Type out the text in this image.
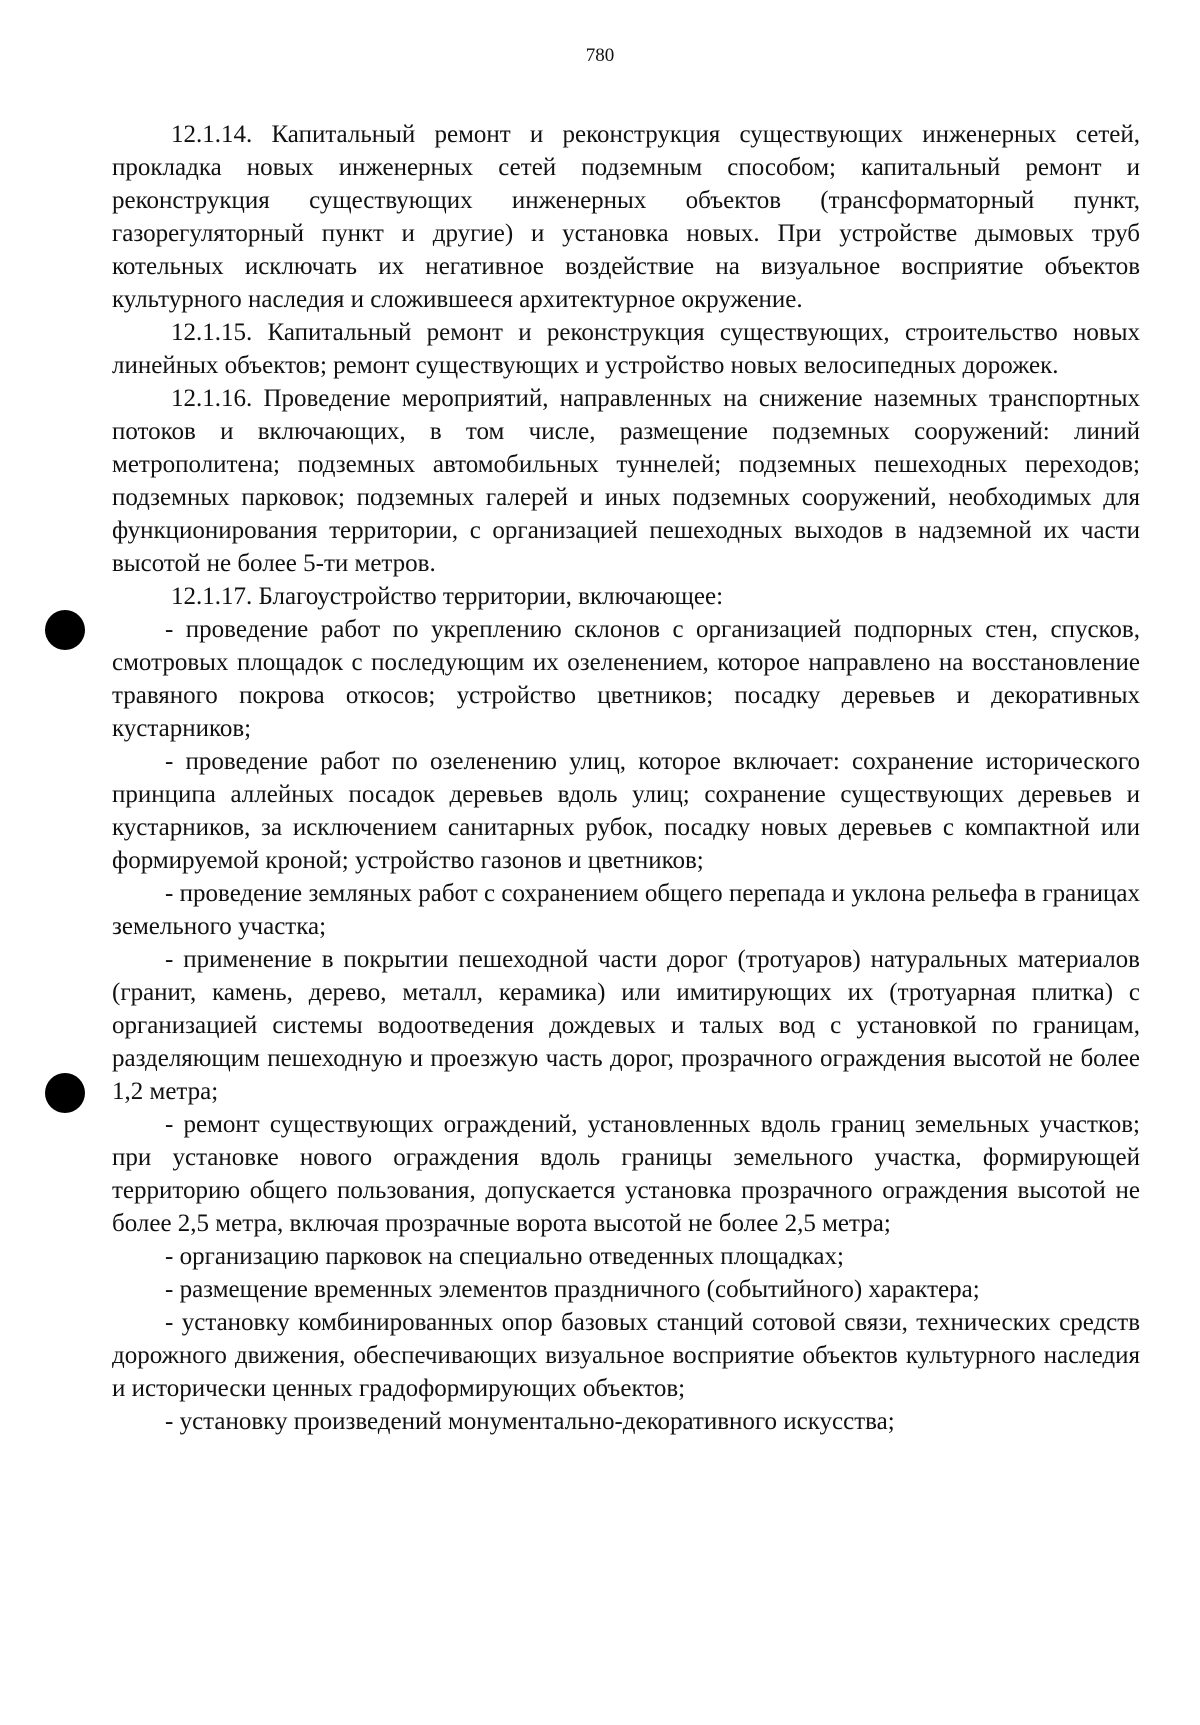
780

12.1.14. Капитальный ремонт и реконструкция существующих инженерных сетей, прокладка новых инженерных сетей подземным способом; капитальный ремонт и реконструкция существующих инженерных объектов (трансформаторный пункт, газорегуляторный пункт и другие) и установка новых. При устройстве дымовых труб котельных исключать их негативное воздействие на визуальное восприятие объектов культурного наследия и сложившееся архитектурное окружение.

12.1.15. Капитальный ремонт и реконструкция существующих, строительство новых линейных объектов; ремонт существующих и устройство новых велосипедных дорожек.

12.1.16. Проведение мероприятий, направленных на снижение наземных транспортных потоков и включающих, в том числе, размещение подземных сооружений: линий метрополитена; подземных автомобильных туннелей; подземных пешеходных переходов; подземных парковок; подземных галерей и иных подземных сооружений, необходимых для функционирования территории, с организацией пешеходных выходов в надземной их части высотой не более 5-ти метров.

12.1.17. Благоустройство территории, включающее:

- проведение работ по укреплению склонов с организацией подпорных стен, спусков, смотровых площадок с последующим их озеленением, которое направлено на восстановление травяного покрова откосов; устройство цветников; посадку деревьев и декоративных кустарников;

- проведение работ по озеленению улиц, которое включает: сохранение исторического принципа аллейных посадок деревьев вдоль улиц; сохранение существующих деревьев и кустарников, за исключением санитарных рубок, посадку новых деревьев с компактной или формируемой кроной; устройство газонов и цветников;

- проведение земляных работ с сохранением общего перепада и уклона рельефа в границах земельного участка;

- применение в покрытии пешеходной части дорог (тротуаров) натуральных материалов (гранит, камень, дерево, металл, керамика) или имитирующих их (тротуарная плитка) с организацией системы водоотведения дождевых и талых вод с установкой по границам, разделяющим пешеходную и проезжую часть дорог, прозрачного ограждения высотой не более 1,2 метра;

- ремонт существующих ограждений, установленных вдоль границ земельных участков; при установке нового ограждения вдоль границы земельного участка, формирующей территорию общего пользования, допускается установка прозрачного ограждения высотой не более 2,5 метра, включая прозрачные ворота высотой не более 2,5 метра;

- организацию парковок на специально отведенных площадках;

- размещение временных элементов праздничного (событийного) характера;

- установку комбинированных опор базовых станций сотовой связи, технических средств дорожного движения, обеспечивающих визуальное восприятие объектов культурного наследия и исторически ценных градоформирующих объектов;

- установку произведений монументально-декоративного искусства;
